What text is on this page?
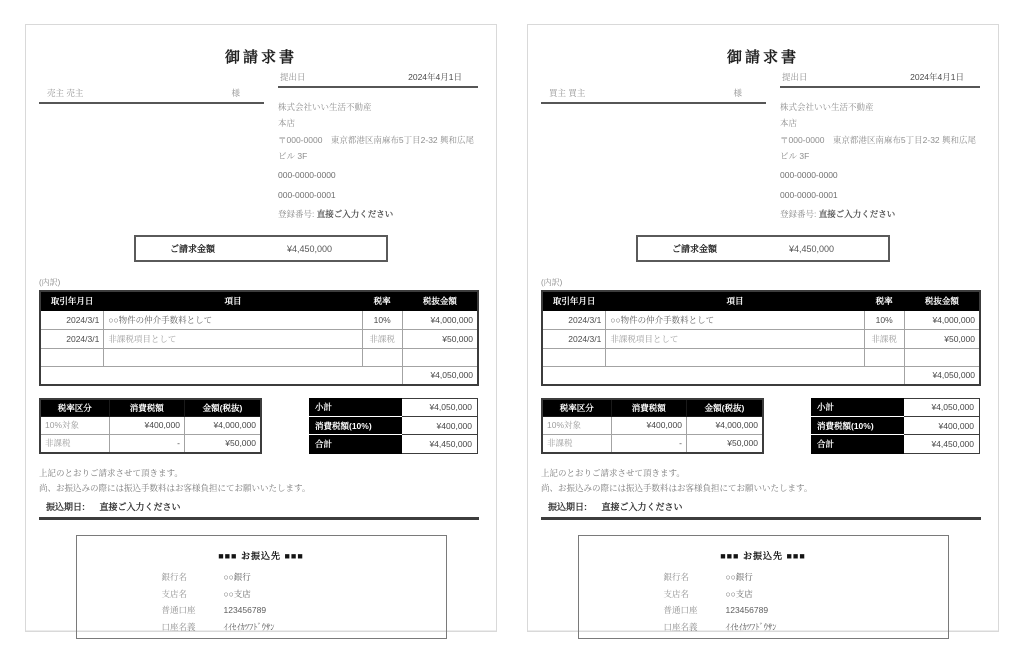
御請求書
売主 売主	様
提出日	2024年4月1日
株式会社いい生活不動産
本店
〒000-0000　東京都港区南麻布5丁目2-32 興和広尾ビル 3F
000-0000-0000
000-0000-0001
登録番号: 直接ご入力ください
ご請求金額	¥4,450,000
(内訳)
取引年月日	項目	税率	税抜金額
2024/3/1	○○物件の仲介手数料として	10%	¥4,000,000
2024/3/1	非課税項目として	非課税	¥50,000

			¥4,050,000
税率区分	消費税額	金額(税抜)
10%対象	¥400,000	¥4,000,000
非課税	-	¥50,000
小計	¥4,050,000
消費税額(10%)	¥400,000
合計	¥4,450,000
上記のとおりご請求させて頂きます。
尚、お振込みの際には振込手数料はお客様負担にてお願いいたします。
振込期日: 直接ご入力ください
■■■ お振込先 ■■■
銀行名	○○銀行
支店名	○○支店
普通口座	123456789
口座名義	ｲｲｾｲｶﾂﾌﾄﾞｳｻﾝ
御請求書
買主 買主	様
提出日	2024年4月1日
株式会社いい生活不動産
本店
〒000-0000　東京都港区南麻布5丁目2-32 興和広尾ビル 3F
000-0000-0000
000-0000-0001
登録番号: 直接ご入力ください
ご請求金額	¥4,450,000
(内訳)
取引年月日	項目	税率	税抜金額
2024/3/1	○○物件の仲介手数料として	10%	¥4,000,000
2024/3/1	非課税項目として	非課税	¥50,000

			¥4,050,000
税率区分	消費税額	金額(税抜)
10%対象	¥400,000	¥4,000,000
非課税	-	¥50,000
小計	¥4,050,000
消費税額(10%)	¥400,000
合計	¥4,450,000
上記のとおりご請求させて頂きます。
尚、お振込みの際には振込手数料はお客様負担にてお願いいたします。
振込期日: 直接ご入力ください
■■■ お振込先 ■■■
銀行名	○○銀行
支店名	○○支店
普通口座	123456789
口座名義	ｲｲｾｲｶﾂﾌﾄﾞｳｻﾝ
